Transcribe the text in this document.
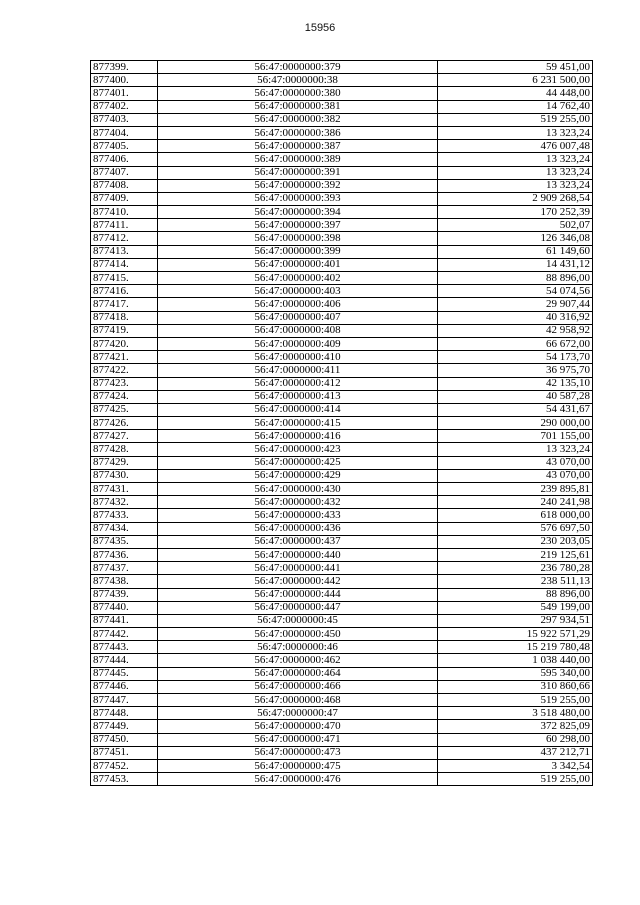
15956
877399.	56:47:0000000:379	59 451,00
877400.	56:47:0000000:38	6 231 500,00
877401.	56:47:0000000:380	44 448,00
877402.	56:47:0000000:381	14 762,40
877403.	56:47:0000000:382	519 255,00
877404.	56:47:0000000:386	13 323,24
877405.	56:47:0000000:387	476 007,48
877406.	56:47:0000000:389	13 323,24
877407.	56:47:0000000:391	13 323,24
877408.	56:47:0000000:392	13 323,24
877409.	56:47:0000000:393	2 909 268,54
877410.	56:47:0000000:394	170 252,39
877411.	56:47:0000000:397	502,07
877412.	56:47:0000000:398	126 346,08
877413.	56:47:0000000:399	61 149,60
877414.	56:47:0000000:401	14 431,12
877415.	56:47:0000000:402	88 896,00
877416.	56:47:0000000:403	54 074,56
877417.	56:47:0000000:406	29 907,44
877418.	56:47:0000000:407	40 316,92
877419.	56:47:0000000:408	42 958,92
877420.	56:47:0000000:409	66 672,00
877421.	56:47:0000000:410	54 173,70
877422.	56:47:0000000:411	36 975,70
877423.	56:47:0000000:412	42 135,10
877424.	56:47:0000000:413	40 587,28
877425.	56:47:0000000:414	54 431,67
877426.	56:47:0000000:415	290 000,00
877427.	56:47:0000000:416	701 155,00
877428.	56:47:0000000:423	13 323,24
877429.	56:47:0000000:425	43 070,00
877430.	56:47:0000000:429	43 070,00
877431.	56:47:0000000:430	239 895,81
877432.	56:47:0000000:432	240 241,98
877433.	56:47:0000000:433	618 000,00
877434.	56:47:0000000:436	576 697,50
877435.	56:47:0000000:437	230 203,05
877436.	56:47:0000000:440	219 125,61
877437.	56:47:0000000:441	236 780,28
877438.	56:47:0000000:442	238 511,13
877439.	56:47:0000000:444	88 896,00
877440.	56:47:0000000:447	549 199,00
877441.	56:47:0000000:45	297 934,51
877442.	56:47:0000000:450	15 922 571,29
877443.	56:47:0000000:46	15 219 780,48
877444.	56:47:0000000:462	1 038 440,00
877445.	56:47:0000000:464	595 340,00
877446.	56:47:0000000:466	310 860,66
877447.	56:47:0000000:468	519 255,00
877448.	56:47:0000000:47	3 518 480,00
877449.	56:47:0000000:470	372 825,09
877450.	56:47:0000000:471	60 298,00
877451.	56:47:0000000:473	437 212,71
877452.	56:47:0000000:475	3 342,54
877453.	56:47:0000000:476	519 255,00
